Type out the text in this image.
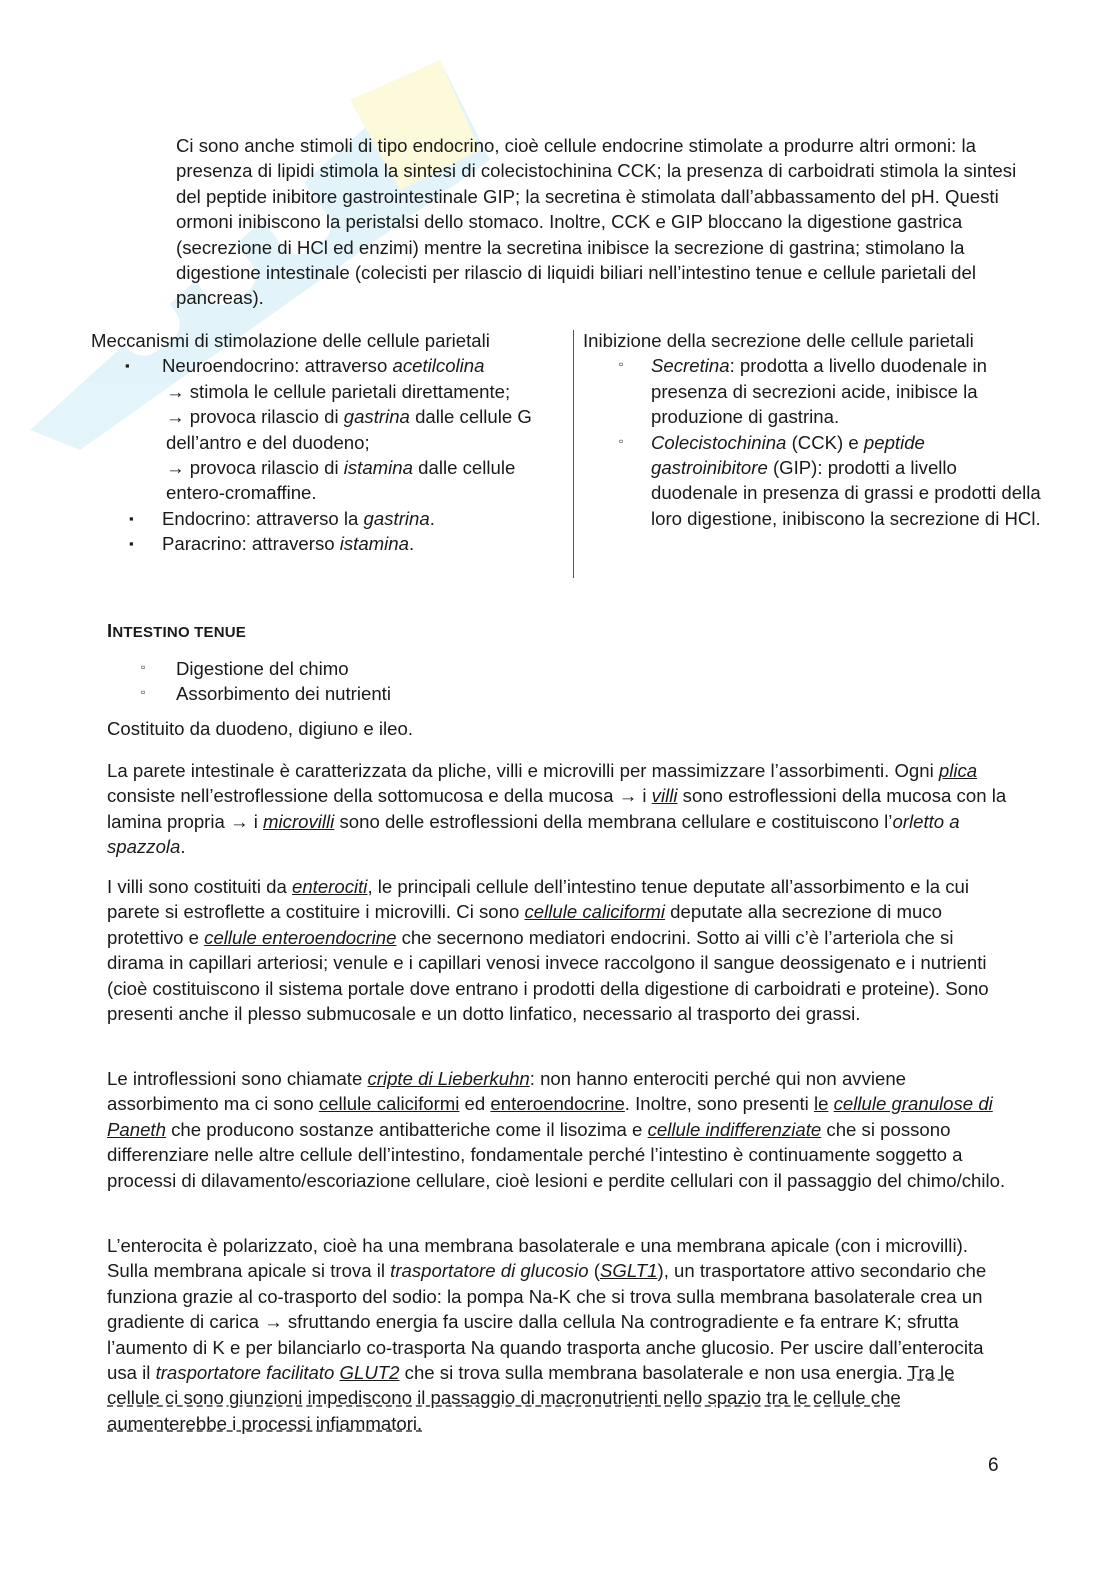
Ci sono anche stimoli di tipo endocrino, cioè cellule endocrine stimolate a produrre altri ormoni: la presenza di lipidi stimola la sintesi di colecistochinina CCK; la presenza di carboidrati stimola la sintesi del peptide inibitore gastrointestinale GIP; la secretina è stimolata dall’abbassamento del pH. Questi ormoni inibiscono la peristalsi dello stomaco. Inoltre, CCK e GIP bloccano la digestione gastrica (secrezione di HCl ed enzimi) mentre la secretina inibisce la secrezione di gastrina; stimolano la digestione intestinale (colecisti per rilascio di liquidi biliari nell’intestino tenue e cellule parietali del pancreas).

Meccanismi di stimolazione delle cellule parietali

▪ Neuroendocrino: attraverso acetilcolina
→ stimola le cellule parietali direttamente;
→ provoca rilascio di gastrina dalle cellule G dell’antro e del duodeno;
→ provoca rilascio di istamina dalle cellule entero-cromaffine.
▪ Endocrino: attraverso la gastrina.
▪ Paracrino: attraverso istamina.

Inibizione della secrezione delle cellule parietali

▫ Secretina: prodotta a livello duodenale in presenza di secrezioni acide, inibisce la produzione di gastrina.
▫ Colecistochinina (CCK) e peptide gastroinibitore (GIP): prodotti a livello duodenale in presenza di grassi e prodotti della loro digestione, inibiscono la secrezione di HCl.
INTESTINO TENUE
▫ Digestione del chimo
▫ Assorbimento dei nutrienti

Costituito da duodeno, digiuno e ileo.

La parete intestinale è caratterizzata da pliche, villi e microvilli per massimizzare l’assorbimenti. Ogni plica consiste nell’estroflessione della sottomucosa e della mucosa → i villi sono estroflessioni della mucosa con la lamina propria → i microvilli sono delle estroflessioni della membrana cellulare e costituiscono l’orletto a spazzola.

I villi sono costituiti da enterociti, le principali cellule dell’intestino tenue deputate all’assorbimento e la cui parete si estroflette a costituire i microvilli. Ci sono cellule caliciformi deputate alla secrezione di muco protettivo e cellule enteroendocrine che secernono mediatori endocrini. Sotto ai villi c’è l’arteriola che si dirama in capillari arteriosi; venule e i capillari venosi invece raccolgono il sangue deossigenato e i nutrienti (cioè costituiscono il sistema portale dove entrano i prodotti della digestione di carboidrati e proteine). Sono presenti anche il plesso submucosale e un dotto linfatico, necessario al trasporto dei grassi.

Le introflessioni sono chiamate cripte di Lieberkuhn: non hanno enterociti perché qui non avviene assorbimento ma ci sono cellule caliciformi ed enteroendocrine. Inoltre, sono presenti le cellule granulose di Paneth che producono sostanze antibatteriche come il lisozima e cellule indifferenziate che si possono differenziare nelle altre cellule dell’intestino, fondamentale perché l’intestino è continuamente soggetto a processi di dilavamento/escoriazione cellulare, cioè lesioni e perdite cellulari con il passaggio del chimo/chilo.

L’enterocita è polarizzato, cioè ha una membrana basolaterale e una membrana apicale (con i microvilli). Sulla membrana apicale si trova il trasportatore di glucosio (SGLT1), un trasportatore attivo secondario che funziona grazie al co-trasporto del sodio: la pompa Na-K che si trova sulla membrana basolaterale crea un gradiente di carica → sfruttando energia fa uscire dalla cellula Na controgradiente e fa entrare K; sfrutta l’aumento di K e per bilanciarlo co-trasporta Na quando trasporta anche glucosio. Per uscire dall’enterocita usa il trasportatore facilitato GLUT2 che si trova sulla membrana basolaterale e non usa energia. Tra le cellule ci sono giunzioni impediscono il passaggio di macronutrienti nello spazio tra le cellule che aumenterebbe i processi infiammatori.

6
